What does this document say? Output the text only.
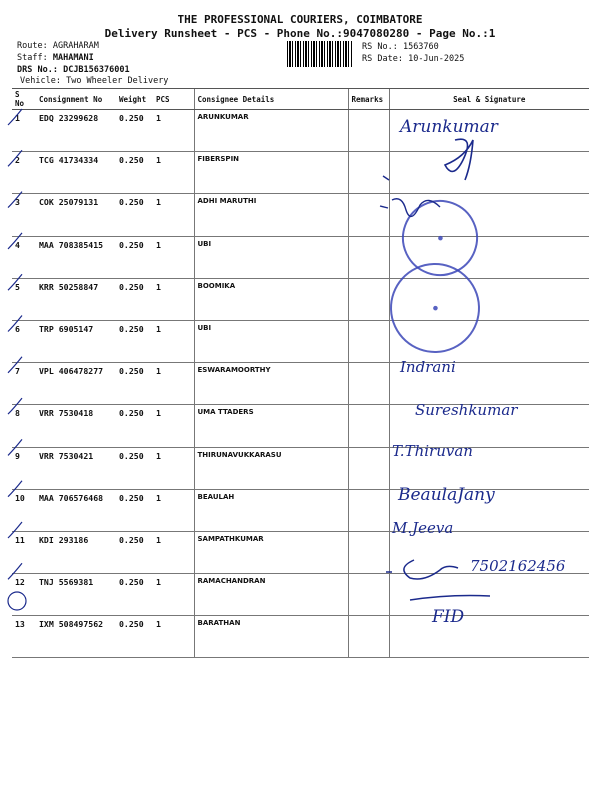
THE PROFESSIONAL COURIERS, COIMBATORE
Delivery Runsheet - PCS - Phone No.:9047080280 - Page No.:1
Route: AGRAHARAM
Staff: MAHAMANI
DRS No.: DCJB156376001
Vehicle: Two Wheeler Delivery
RS No.: 1563760
RS Date: 10-Jun-2025
S No	Consignment No	Weight	PCS	Consignee Details	Remarks	Seal & Signature
1	EDQ 23299628	0.250	1	ARUNKUMAR		
2	TCG 41734334	0.250	1	FIBERSPIN		
3	COK 25079131	0.250	1	ADHI MARUTHI		
4	MAA 708385415	0.250	1	UBI		
5	KRR 50258847	0.250	1	BOOMIKA		
6	TRP 6905147	0.250	1	UBI		
7	VPL 406478277	0.250	1	ESWARAMOORTHY		
8	VRR 7530418	0.250	1	UMA TTADERS		
9	VRR 7530421	0.250	1	THIRUNAVUKKARASU		
10	MAA 706576468	0.250	1	BEAULAH		
11	KDI 293186	0.250	1	SAMPATHKUMAR		
12	TNJ 5569381	0.250	1	RAMACHANDRAN		
13	IXM 508497562	0.250	1	BARATHAN		
●
●
Arunkumar
Indrani
Sureshkumar
T.Thiruvan
BeaulaJany
M.Jeeva
7502162456
FID
